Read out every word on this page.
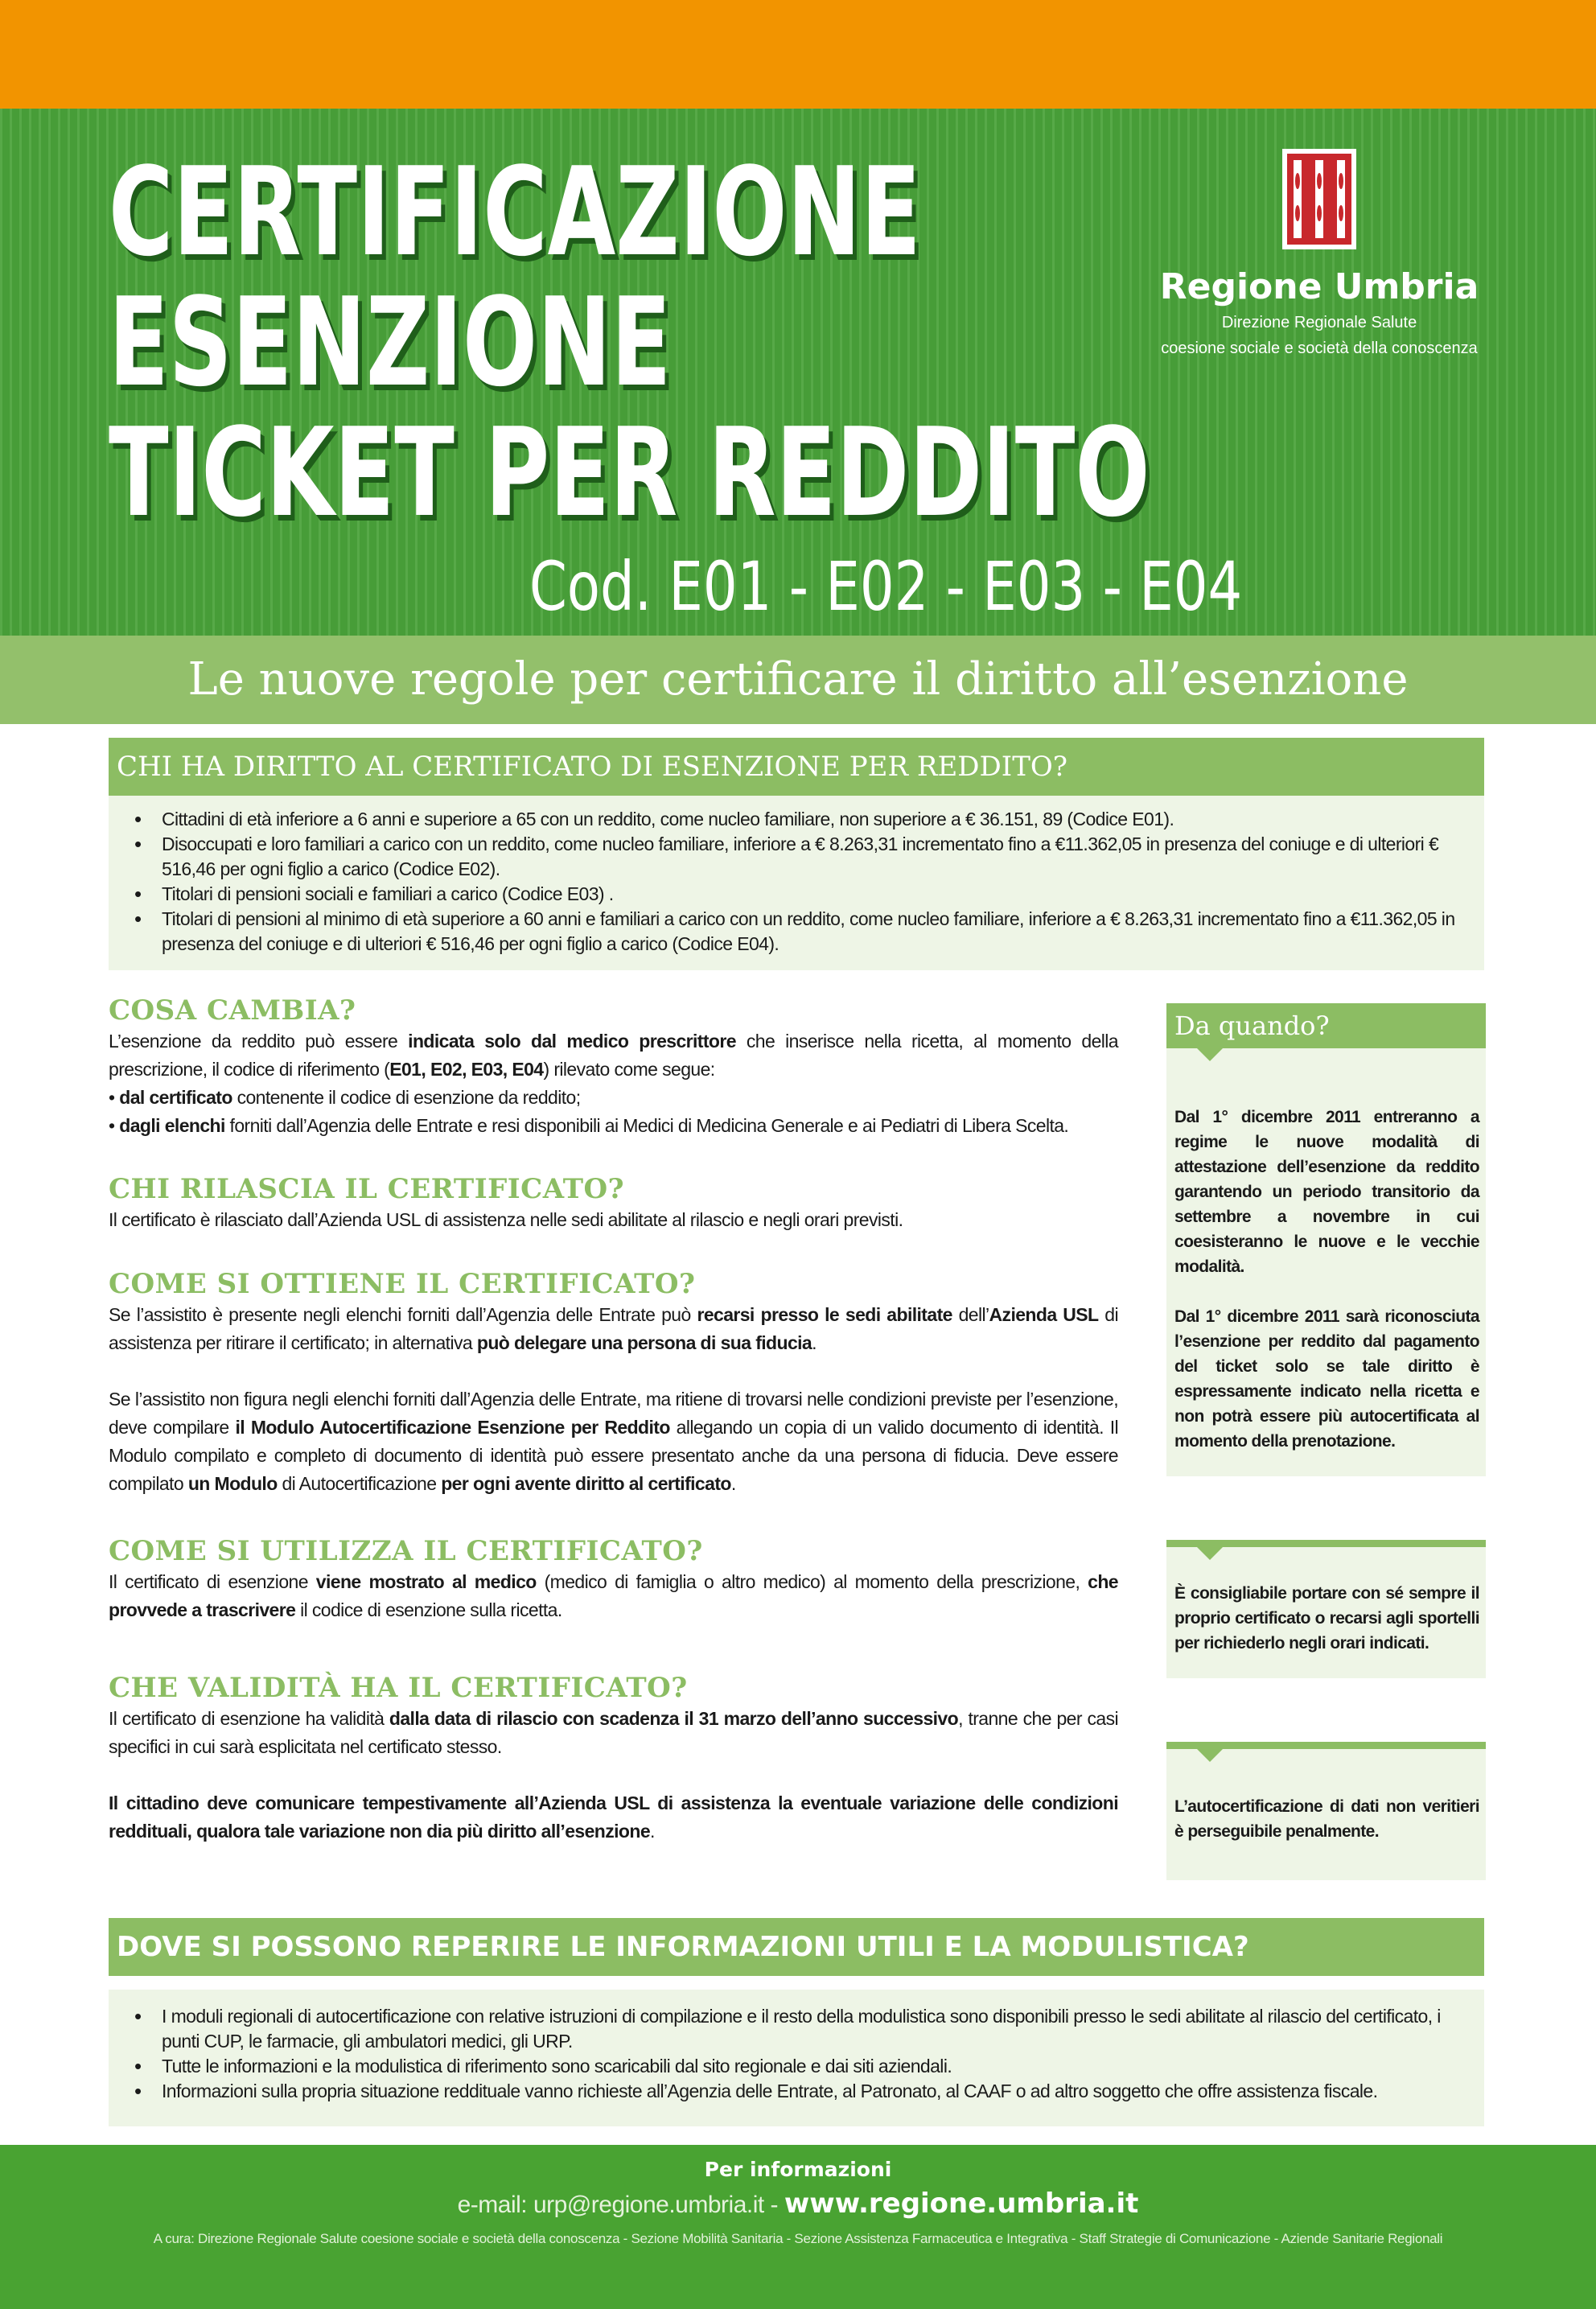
CERTIFICAZIONE
ESENZIONE
TICKET PER REDDITO
Cod. E01 - E02 - E03 - E04
Regione Umbria
Direzione Regionale Salute
coesione sociale e società della conoscenza
Le nuove regole per certificare il diritto all’esenzione
CHI HA DIRITTO AL CERTIFICATO DI ESENZIONE PER REDDITO?
• Cittadini di età inferiore a 6 anni e superiore a 65 con un reddito, come nucleo familiare, non superiore a € 36.151, 89 (Codice E01).
• Disoccupati e loro familiari a carico con un reddito, come nucleo familiare, inferiore a € 8.263,31 incrementato fino a €11.362,05 in presenza del coniuge e di ulteriori € 516,46 per ogni figlio a carico (Codice E02).
• Titolari di pensioni sociali e familiari a carico (Codice E03) .
• Titolari di pensioni al minimo di età superiore a 60 anni e familiari a carico con un reddito, come nucleo familiare, inferiore a € 8.263,31 incrementato fino a €11.362,05 in presenza del coniuge e di ulteriori € 516,46 per ogni figlio a carico (Codice E04).
COSA CAMBIA?
L’esenzione da reddito può essere indicata solo dal medico prescrittore che inserisce nella ricetta, al momento della prescrizione, il codice di riferimento (E01, E02, E03, E04) rilevato come segue:
• dal certificato contenente il codice di esenzione da reddito;
• dagli elenchi forniti dall’Agenzia delle Entrate e resi disponibili ai Medici di Medicina Generale e ai Pediatri di Libera Scelta.
CHI RILASCIA IL CERTIFICATO?
Il certificato è rilasciato dall’Azienda USL di assistenza nelle sedi abilitate al rilascio e negli orari previsti.
COME SI OTTIENE IL CERTIFICATO?
Se l’assistito è presente negli elenchi forniti dall’Agenzia delle Entrate può recarsi presso le sedi abilitate dell’Azienda USL di assistenza per ritirare il certificato; in alternativa può delegare una persona di sua fiducia.
Se l’assistito non figura negli elenchi forniti dall’Agenzia delle Entrate, ma ritiene di trovarsi nelle condizioni previste per l’esenzione, deve compilare il Modulo Autocertificazione Esenzione per Reddito allegando un copia di un valido documento di identità. Il Modulo compilato e completo di documento di identità può essere presentato anche da una persona di fiducia. Deve essere compilato un Modulo di Autocertificazione per ogni avente diritto al certificato.
COME SI UTILIZZA IL CERTIFICATO?
Il certificato di esenzione viene mostrato al medico (medico di famiglia o altro medico) al momento della prescrizione, che provvede a trascrivere il codice di esenzione sulla ricetta.
CHE VALIDITÀ HA IL CERTIFICATO?
Il certificato di esenzione ha validità dalla data di rilascio con scadenza il 31 marzo dell’anno successivo, tranne che per casi specifici in cui sarà esplicitata nel certificato stesso.
Il cittadino deve comunicare tempestivamente all’Azienda USL di assistenza la eventuale variazione delle condizioni reddituali, qualora tale variazione non dia più diritto all’esenzione.
Da quando?
Dal 1° dicembre 2011 entreranno a regime le nuove modalità di attestazione dell’esenzione da reddito garantendo un periodo transitorio da settembre a novembre in cui coesisteranno le nuove e le vecchie modalità.
Dal 1° dicembre 2011 sarà riconosciuta l’esenzione per reddito dal pagamento del ticket solo se tale diritto è espressamente indicato nella ricetta e non potrà essere più autocertificata al momento della prenotazione.
È consigliabile portare con sé sempre il proprio certificato o recarsi agli sportelli per richiederlo negli orari indicati.
L’autocertificazione di dati non veritieri è perseguibile penalmente.
DOVE SI POSSONO REPERIRE LE INFORMAZIONI UTILI E LA MODULISTICA?
• I moduli regionali di autocertificazione con relative istruzioni di compilazione e il resto della modulistica sono disponibili presso le sedi abilitate al rilascio del certificato, i punti CUP, le farmacie, gli ambulatori medici, gli URP.
• Tutte le informazioni e la modulistica di riferimento sono scaricabili dal sito regionale e dai siti aziendali.
• Informazioni sulla propria situazione reddituale vanno richieste all’Agenzia delle Entrate, al Patronato, al CAAF o ad altro soggetto che offre assistenza fiscale.
Per informazioni
e-mail: urp@regione.umbria.it - www.regione.umbria.it
A cura: Direzione Regionale Salute coesione sociale e società della conoscenza - Sezione Mobilità Sanitaria - Sezione Assistenza Farmaceutica e Integrativa - Staff Strategie di Comunicazione - Aziende Sanitarie Regionali
